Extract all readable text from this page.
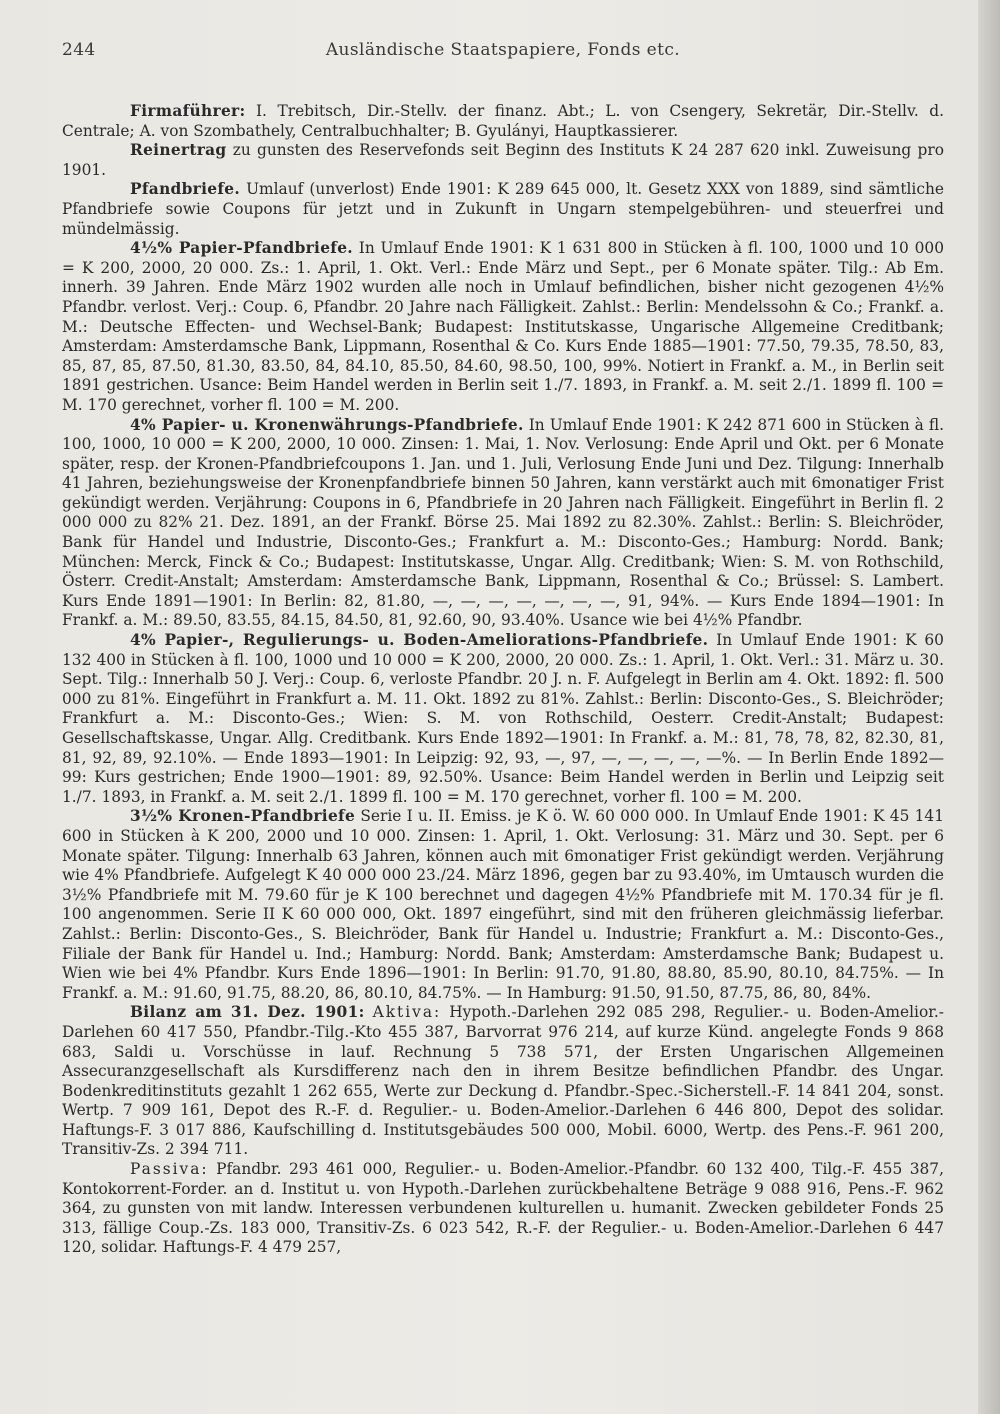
244	Ausländische Staatspapiere, Fonds etc.

Firmaführer: I. Trebitsch, Dir.-Stellv. der finanz. Abt.; L. von Csengery, Sekretär, Dir.-Stellv. d. Centrale; A. von Szombathely, Centralbuchhalter; B. Gyulányi, Hauptkassierer.

Reinertrag zu gunsten des Reservefonds seit Beginn des Instituts K 24 287 620 inkl. Zuweisung pro 1901.

Pfandbriefe. Umlauf (unverlost) Ende 1901: K 289 645 000, lt. Gesetz XXX von 1889, sind sämtliche Pfandbriefe sowie Coupons für jetzt und in Zukunft in Ungarn stempelgebühren- und steuerfrei und mündelmässig.

4½% Papier-Pfandbriefe. In Umlauf Ende 1901: K 1 631 800 in Stücken à fl. 100, 1000 und 10 000 = K 200, 2000, 20 000. Zs.: 1. April, 1. Okt. Verl.: Ende März und Sept., per 6 Monate später. Tilg.: Ab Em. innerh. 39 Jahren. Ende März 1902 wurden alle noch in Umlauf befindlichen, bisher nicht gezogenen 4½% Pfandbr. verlost. Verj.: Coup. 6, Pfandbr. 20 Jahre nach Fälligkeit. Zahlst.: Berlin: Mendelssohn & Co.; Frankf. a. M.: Deutsche Effecten- und Wechsel-Bank; Budapest: Institutskasse, Ungarische Allgemeine Creditbank; Amsterdam: Amsterdamsche Bank, Lippmann, Rosenthal & Co. Kurs Ende 1885—1901: 77.50, 79.35, 78.50, 83, 85, 87, 85, 87.50, 81.30, 83.50, 84, 84.10, 85.50, 84.60, 98.50, 100, 99%. Notiert in Frankf. a. M., in Berlin seit 1891 gestrichen. Usance: Beim Handel werden in Berlin seit 1./7. 1893, in Frankf. a. M. seit 2./1. 1899 fl. 100 = M. 170 gerechnet, vorher fl. 100 = M. 200.

4% Papier- u. Kronenwährungs-Pfandbriefe. In Umlauf Ende 1901: K 242 871 600 in Stücken à fl. 100, 1000, 10 000 = K 200, 2000, 10 000. Zinsen: 1. Mai, 1. Nov. Verlosung: Ende April und Okt. per 6 Monate später, resp. der Kronen-Pfandbriefcoupons 1. Jan. und 1. Juli, Verlosung Ende Juni und Dez. Tilgung: Innerhalb 41 Jahren, beziehungsweise der Kronenpfandbriefe binnen 50 Jahren, kann verstärkt auch mit 6monatiger Frist gekündigt werden. Verjährung: Coupons in 6, Pfandbriefe in 20 Jahren nach Fälligkeit. Eingeführt in Berlin fl. 2 000 000 zu 82% 21. Dez. 1891, an der Frankf. Börse 25. Mai 1892 zu 82.30%. Zahlst.: Berlin: S. Bleichröder, Bank für Handel und Industrie, Disconto-Ges.; Frankfurt a. M.: Disconto-Ges.; Hamburg: Nordd. Bank; München: Merck, Finck & Co.; Budapest: Institutskasse, Ungar. Allg. Creditbank; Wien: S. M. von Rothschild, Österr. Credit-Anstalt; Amsterdam: Amsterdamsche Bank, Lippmann, Rosenthal & Co.; Brüssel: S. Lambert. Kurs Ende 1891—1901: In Berlin: 82, 81.80, —, —, —, —, —, —, —, 91, 94%. — Kurs Ende 1894—1901: In Frankf. a. M.: 89.50, 83.55, 84.15, 84.50, 81, 92.60, 90, 93.40%. Usance wie bei 4½% Pfandbr.

4% Papier-, Regulierungs- u. Boden-Ameliorations-Pfandbriefe. In Umlauf Ende 1901: K 60 132 400 in Stücken à fl. 100, 1000 und 10 000 = K 200, 2000, 20 000. Zs.: 1. April, 1. Okt. Verl.: 31. März u. 30. Sept. Tilg.: Innerhalb 50 J. Verj.: Coup. 6, verloste Pfandbr. 20 J. n. F. Aufgelegt in Berlin am 4. Okt. 1892: fl. 500 000 zu 81%. Eingeführt in Frankfurt a. M. 11. Okt. 1892 zu 81%. Zahlst.: Berlin: Disconto-Ges., S. Bleichröder; Frankfurt a. M.: Disconto-Ges.; Wien: S. M. von Rothschild, Oesterr. Credit-Anstalt; Budapest: Gesellschaftskasse, Ungar. Allg. Creditbank. Kurs Ende 1892—1901: In Frankf. a. M.: 81, 78, 78, 82, 82.30, 81, 81, 92, 89, 92.10%. — Ende 1893—1901: In Leipzig: 92, 93, —, 97, —, —, —, —, —%. — In Berlin Ende 1892—99: Kurs gestrichen; Ende 1900—1901: 89, 92.50%. Usance: Beim Handel werden in Berlin und Leipzig seit 1./7. 1893, in Frankf. a. M. seit 2./1. 1899 fl. 100 = M. 170 gerechnet, vorher fl. 100 = M. 200.

3½% Kronen-Pfandbriefe Serie I u. II. Emiss. je K ö. W. 60 000 000. In Umlauf Ende 1901: K 45 141 600 in Stücken à K 200, 2000 und 10 000. Zinsen: 1. April, 1. Okt. Verlosung: 31. März und 30. Sept. per 6 Monate später. Tilgung: Innerhalb 63 Jahren, können auch mit 6monatiger Frist gekündigt werden. Verjährung wie 4% Pfandbriefe. Aufgelegt K 40 000 000 23./24. März 1896, gegen bar zu 93.40%, im Umtausch wurden die 3½% Pfandbriefe mit M. 79.60 für je K 100 berechnet und dagegen 4½% Pfandbriefe mit M. 170.34 für je fl. 100 angenommen. Serie II K 60 000 000, Okt. 1897 eingeführt, sind mit den früheren gleichmässig lieferbar. Zahlst.: Berlin: Disconto-Ges., S. Bleichröder, Bank für Handel u. Industrie; Frankfurt a. M.: Disconto-Ges., Filiale der Bank für Handel u. Ind.; Hamburg: Nordd. Bank; Amsterdam: Amsterdamsche Bank; Budapest u. Wien wie bei 4% Pfandbr. Kurs Ende 1896—1901: In Berlin: 91.70, 91.80, 88.80, 85.90, 80.10, 84.75%. — In Frankf. a. M.: 91.60, 91.75, 88.20, 86, 80.10, 84.75%. — In Hamburg: 91.50, 91.50, 87.75, 86, 80, 84%.

Bilanz am 31. Dez. 1901: Aktiva: Hypoth.-Darlehen 292 085 298, Regulier.- u. Boden-Amelior.-Darlehen 60 417 550, Pfandbr.-Tilg.-Kto 455 387, Barvorrat 976 214, auf kurze Künd. angelegte Fonds 9 868 683, Saldi u. Vorschüsse in lauf. Rechnung 5 738 571, der Ersten Ungarischen Allgemeinen Assecuranzgesellschaft als Kursdifferenz nach den in ihrem Besitze befindlichen Pfandbr. des Ungar. Bodenkreditinstituts gezahlt 1 262 655, Werte zur Deckung d. Pfandbr.-Spec.-Sicherstell.-F. 14 841 204, sonst. Wertp. 7 909 161, Depot des R.-F. d. Regulier.- u. Boden-Amelior.-Darlehen 6 446 800, Depot des solidar. Haftungs-F. 3 017 886, Kaufschilling d. Institutsgebäudes 500 000, Mobil. 6000, Wertp. des Pens.-F. 961 200, Transitiv-Zs. 2 394 711.

Passiva: Pfandbr. 293 461 000, Regulier.- u. Boden-Amelior.-Pfandbr. 60 132 400, Tilg.-F. 455 387, Kontokorrent-Forder. an d. Institut u. von Hypoth.-Darlehen zurückbehaltene Beträge 9 088 916, Pens.-F. 962 364, zu gunsten von mit landw. Interessen verbundenen kulturellen u. humanit. Zwecken gebildeter Fonds 25 313, fällige Coup.-Zs. 183 000, Transitiv-Zs. 6 023 542, R.-F. der Regulier.- u. Boden-Amelior.-Darlehen 6 447 120, solidar. Haftungs-F. 4 479 257,
